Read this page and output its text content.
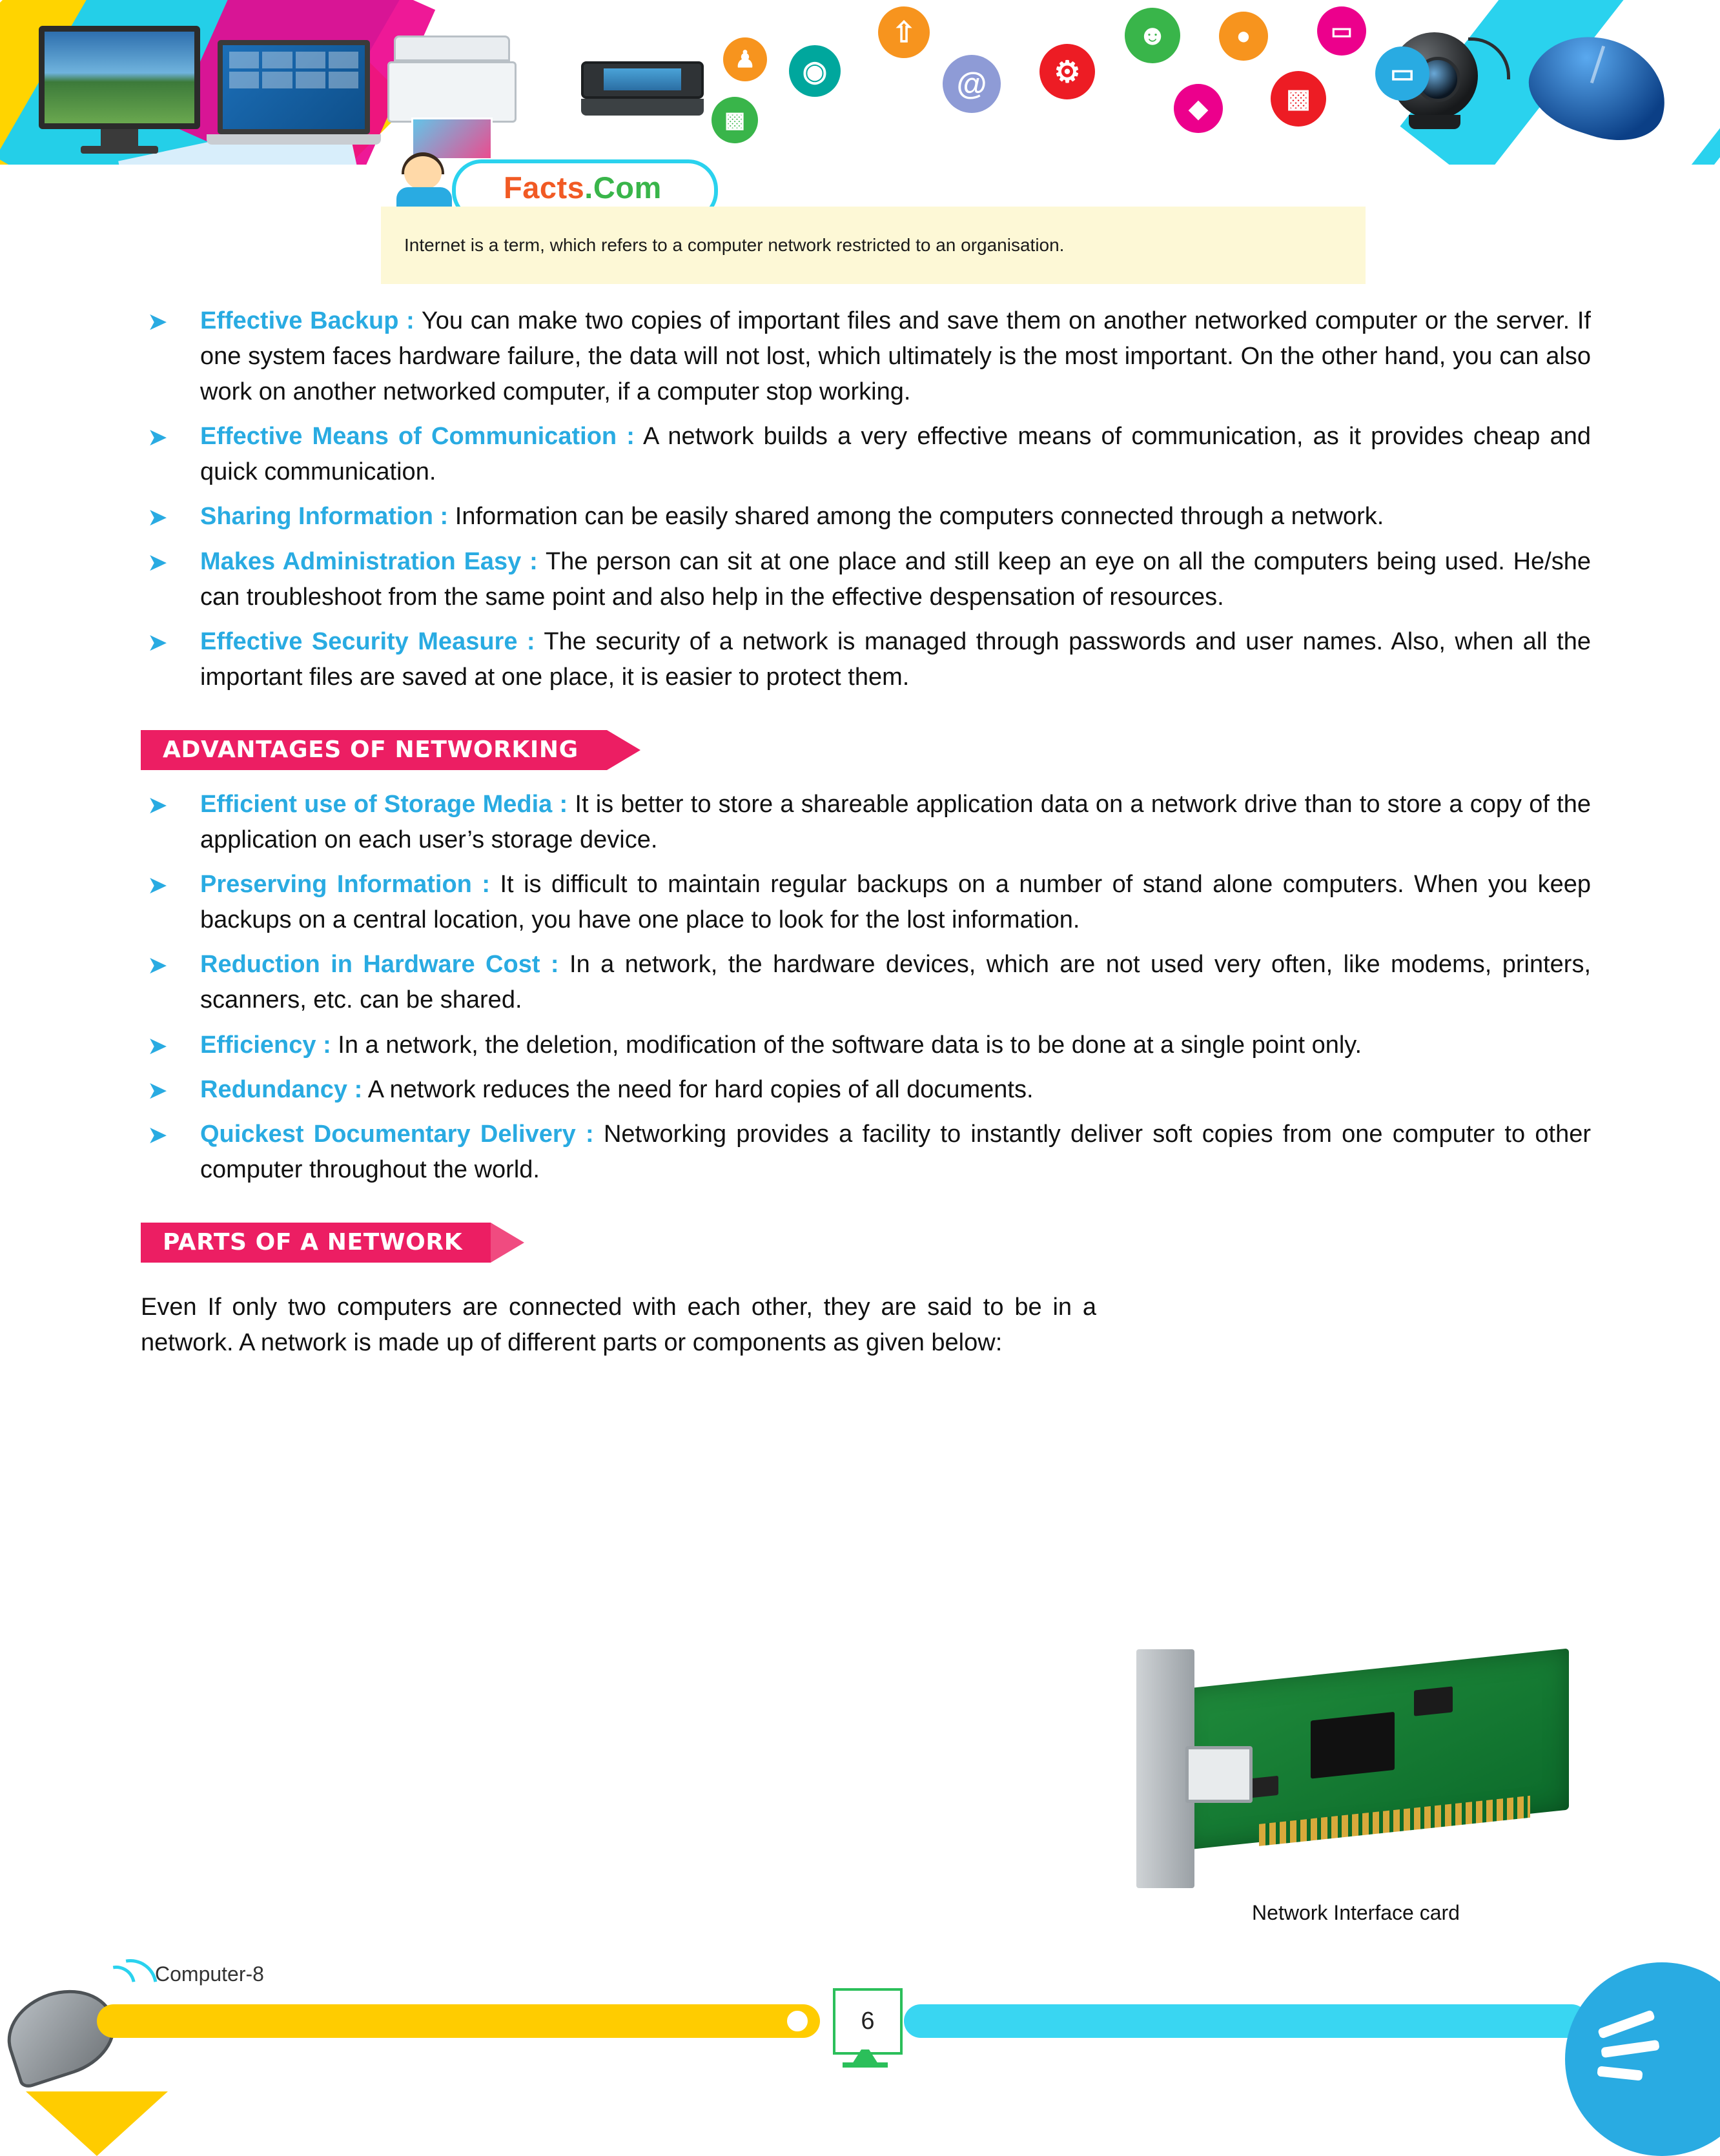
♟	◉
⇧
▩
@	⚙
☻
◆
●
▩
▭
▭
Facts.Com
Internet is a term, which refers to a computer network restricted to an organisation.
➤ Effective Backup : You can make two copies of important files and save them on another networked computer or the server. If one system faces hardware failure, the data will not lost, which ultimately is the most important. On the other hand, you can also work on another networked computer, if a computer stop working.
➤ Effective Means of Communication : A network builds a very effective means of communication, as it provides cheap and quick communication.
➤ Sharing Information : Information can be easily shared among the computers connected through a network.
➤ Makes Administration Easy : The person can sit at one place and still keep an eye on all the computers being used. He/she can troubleshoot from the same point and also help in the effective despensation of resources.
➤ Effective Security Measure : The security of a network is managed through passwords and user names. Also, when all the important files are saved at one place, it is easier to protect them.
ADVANTAGES OF NETWORKING
➤ Efficient use of Storage Media : It is better to store a shareable application data on a network drive than to store a copy of the application on each user’s storage device.
➤ Preserving Information : It is difficult to maintain regular backups on a number of stand alone computers. When you keep backups on a central location, you have one place to look for the lost information.
➤ Reduction in Hardware Cost : In a network, the hardware devices, which are not used very often, like modems, printers, scanners, etc. can be shared.
➤ Efficiency : In a network, the deletion, modification of the software data is to be done at a single point only.
➤ Redundancy : A network reduces the need for hard copies of all documents.
➤ Quickest Documentary Delivery : Networking provides a facility to instantly deliver soft copies from one computer to other computer throughout the world.
PARTS OF A NETWORK
Even If only two computers are connected with each other, they are said to be in a network. A network is made up of different parts or components as given below:
Network Interface card
Computer-8
6
